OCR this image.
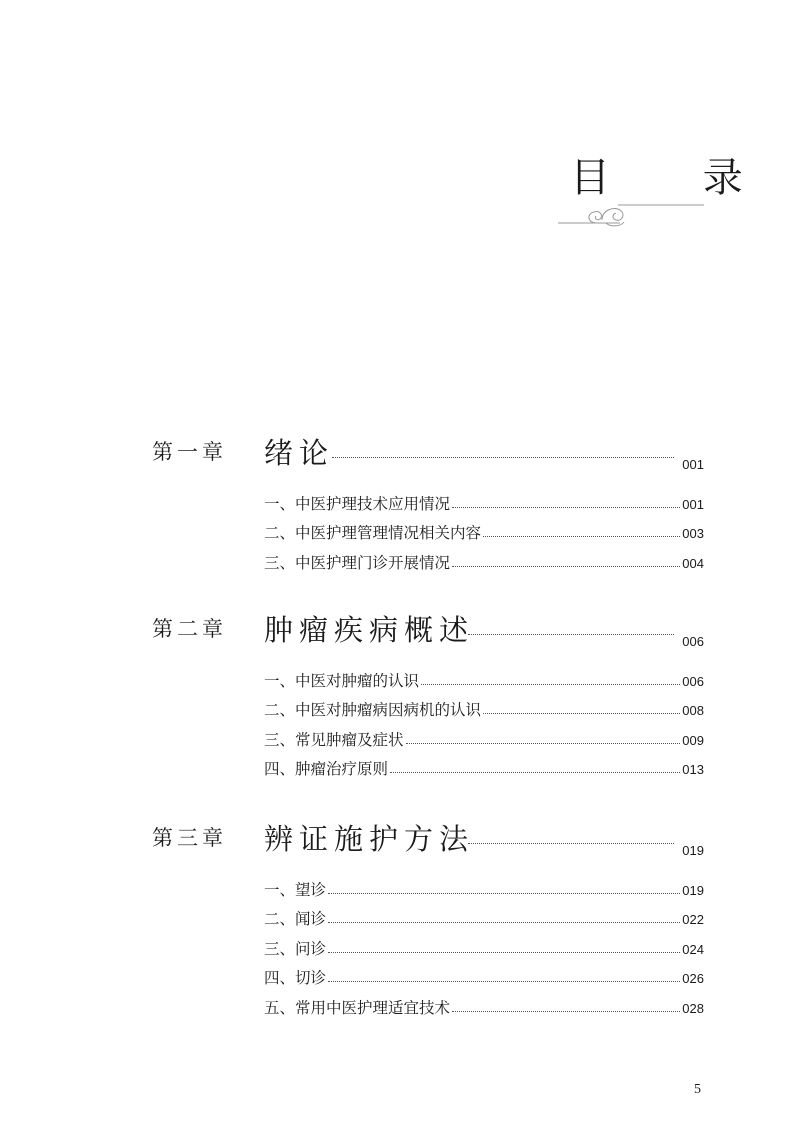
目 录
第一章 绪论	001
一、中医护理技术应用情况	001
二、中医护理管理情况相关内容	003
三、中医护理门诊开展情况	004
第二章 肿瘤疾病概述	006
一、中医对肿瘤的认识	006
二、中医对肿瘤病因病机的认识	008
三、常见肿瘤及症状	009
四、肿瘤治疗原则	013
第三章 辨证施护方法	019
一、望诊	019
二、闻诊	022
三、问诊	024
四、切诊	026
五、常用中医护理适宜技术	028
5
